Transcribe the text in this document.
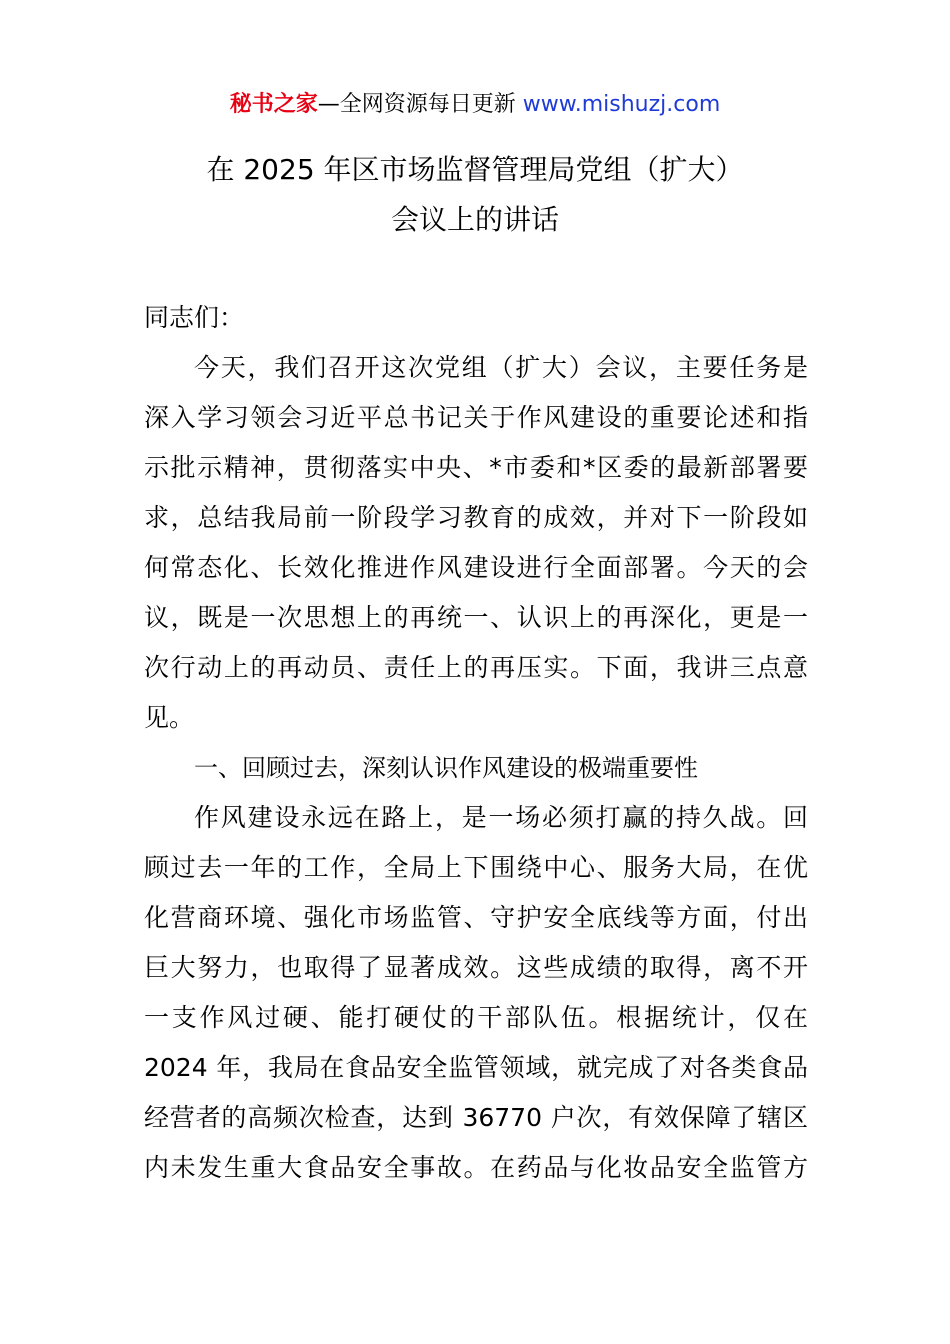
秘书之家—全网资源每日更新 www.mishuzj.com
在 2025 年区市场监督管理局党组（扩大）
会议上的讲话
同志们：
今天，我们召开这次党组（扩大）会议，主要任务是
深入学习领会习近平总书记关于作风建设的重要论述和指
示批示精神，贯彻落实中央、*市委和*区委的最新部署要
求，总结我局前一阶段学习教育的成效，并对下一阶段如
何常态化、长效化推进作风建设进行全面部署。今天的会
议，既是一次思想上的再统一、认识上的再深化，更是一
次行动上的再动员、责任上的再压实。下面，我讲三点意
见。
一、回顾过去，深刻认识作风建设的极端重要性
作风建设永远在路上，是一场必须打赢的持久战。回
顾过去一年的工作，全局上下围绕中心、服务大局，在优
化营商环境、强化市场监管、守护安全底线等方面，付出
巨大努力，也取得了显著成效。这些成绩的取得，离不开
一支作风过硬、能打硬仗的干部队伍。根据统计，仅在
2024 年，我局在食品安全监管领域，就完成了对各类食品
经营者的高频次检查，达到 36770 户次，有效保障了辖区
内未发生重大食品安全事故。在药品与化妆品安全监管方
